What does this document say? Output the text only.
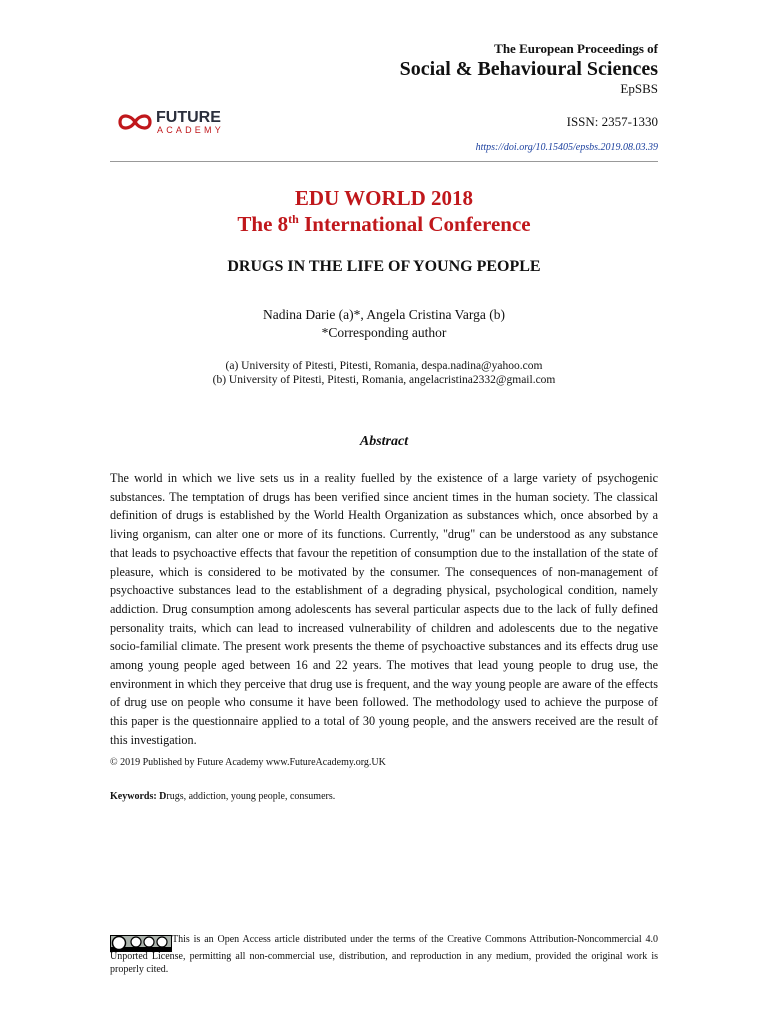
The European Proceedings of
Social & Behavioural Sciences
EpSBS
FUTURE
ACADEMY
ISSN: 2357-1330
https://doi.org/10.15405/epsbs.2019.08.03.39
EDU WORLD 2018
The 8th International Conference
DRUGS IN THE LIFE OF YOUNG PEOPLE
Nadina Darie (a)*, Angela Cristina Varga (b)
*Corresponding author
(a) University of Pitesti, Pitesti, Romania, despa.nadina@yahoo.com
(b) University of Pitesti, Pitesti, Romania, angelacristina2332@gmail.com
Abstract
The world in which we live sets us in a reality fuelled by the existence of a large variety of psychogenic substances. The temptation of drugs has been verified since ancient times in the human society. The classical definition of drugs is established by the World Health Organization as substances which, once absorbed by a living organism, can alter one or more of its functions. Currently, "drug" can be understood as any substance that leads to psychoactive effects that favour the repetition of consumption due to the installation of the state of pleasure, which is considered to be motivated by the consumer. The consequences of non-management of psychoactive substances lead to the establishment of a degrading physical, psychological condition, namely addiction. Drug consumption among adolescents has several particular aspects due to the lack of fully defined personality traits, which can lead to increased vulnerability of children and adolescents due to the negative socio-familial climate. The present work presents the theme of psychoactive substances and its effects drug use among young people aged between 16 and 22 years. The motives that lead young people to drug use, the environment in which they perceive that drug use is frequent, and the way young people are aware of the effects of drug use on people who consume it have been followed. The methodology used to achieve the purpose of this paper is the questionnaire applied to a total of 30 young people, and the answers received are the result of this investigation.
© 2019 Published by Future Academy www.FutureAcademy.org.UK
Keywords: Drugs, addiction, young people, consumers.
This is an Open Access article distributed under the terms of the Creative Commons Attribution-Noncommercial 4.0 Unported License, permitting all non-commercial use, distribution, and reproduction in any medium, provided the original work is properly cited.
